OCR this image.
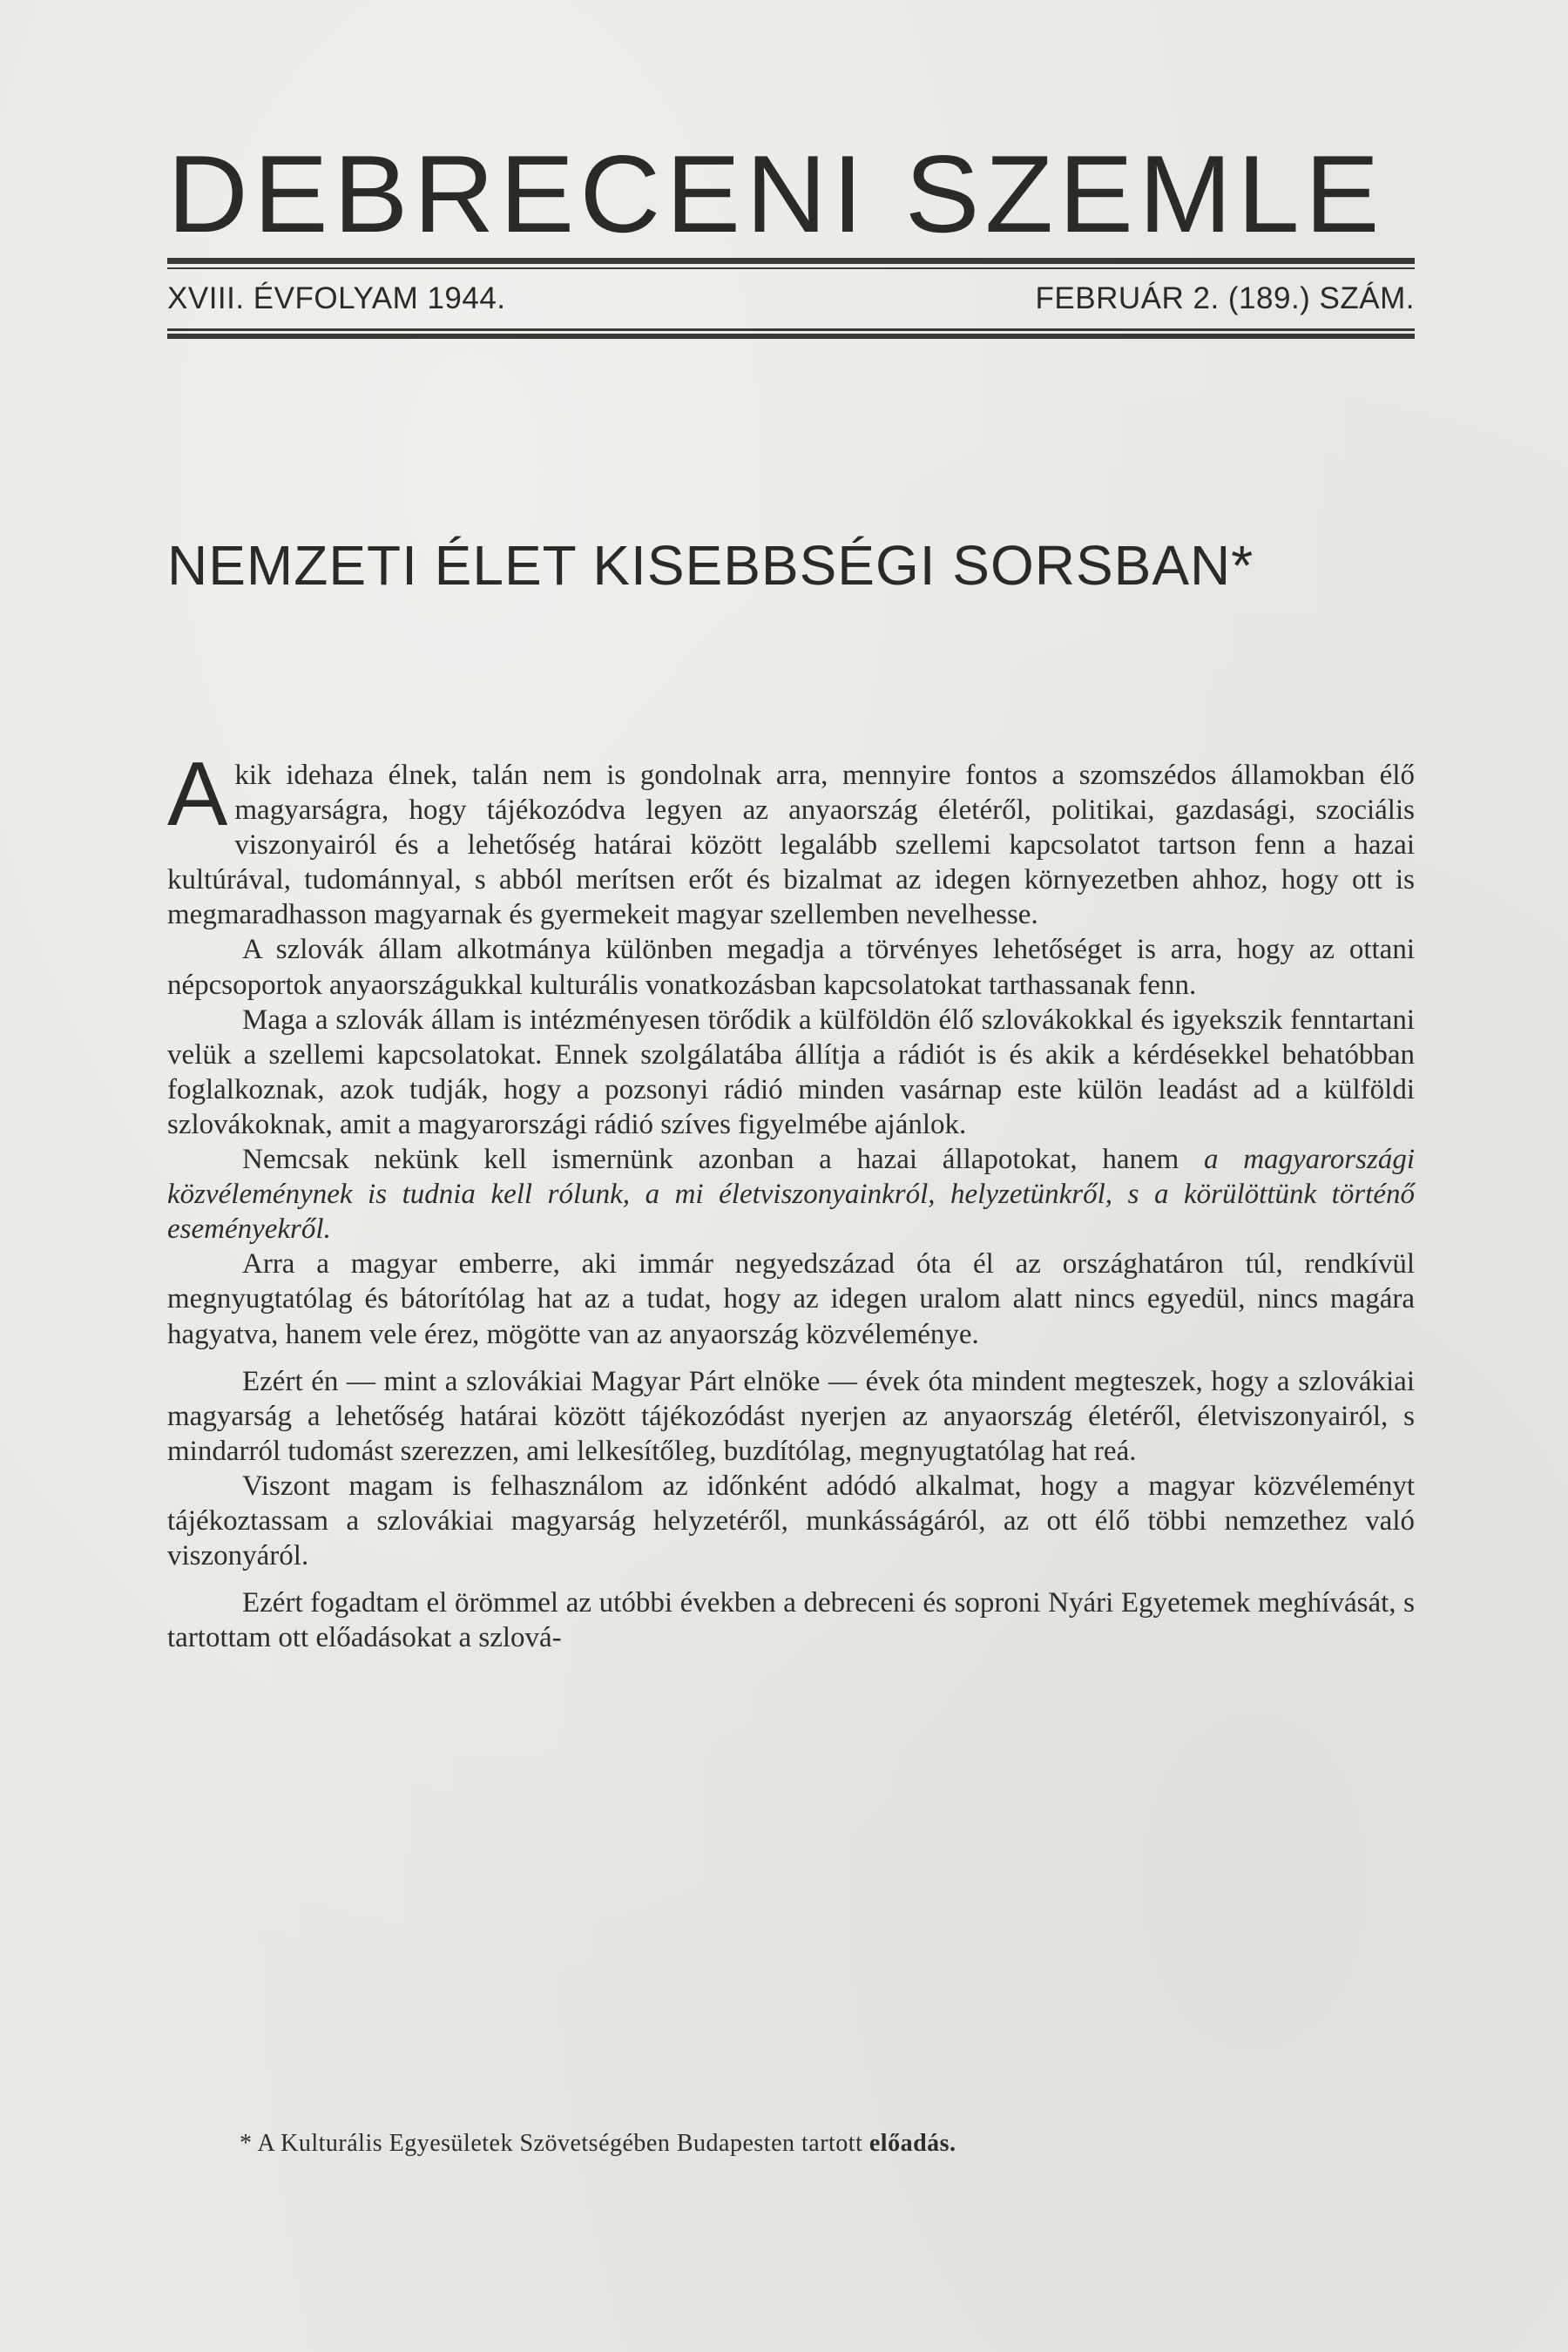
DEBRECENI SZEMLE
XVIII. ÉVFOLYAM 1944.	FEBRUÁR 2. (189.) SZÁM.
NEMZETI ÉLET KISEBBSÉGI SORSBAN*

Akik idehaza élnek, talán nem is gondolnak arra, mennyire fontos a szomszédos államokban élő magyarságra, hogy tájékozódva legyen az anyaország életéről, politikai, gazdasági, szociális viszonyairól és a lehetőség határai között legalább szellemi kapcsolatot tartson fenn a hazai kultúrával, tudománnyal, s abból merítsen erőt és bizalmat az idegen környezetben ahhoz, hogy ott is megmaradhasson magyarnak és gyermekeit magyar szellemben nevelhesse.

A szlovák állam alkotmánya különben megadja a törvényes lehetőséget is arra, hogy az ottani népcsoportok anyaországukkal kulturális vonatkozásban kapcsolatokat tarthassanak fenn.

Maga a szlovák állam is intézményesen törődik a külföldön élő szlovákokkal és igyekszik fenntartani velük a szellemi kapcsolatokat. Ennek szolgálatába állítja a rádiót is és akik a kérdésekkel behatóbban foglalkoznak, azok tudják, hogy a pozsonyi rádió minden vasárnap este külön leadást ad a külföldi szlovákoknak, amit a magyarországi rádió szíves figyelmébe ajánlok.

Nemcsak nekünk kell ismernünk azonban a hazai állapotokat, hanem a magyarországi közvéleménynek is tudnia kell rólunk, a mi életviszonyainkról, helyzetünkről, s a körülöttünk történő eseményekről.

Arra a magyar emberre, aki immár negyedszázad óta él az országhatáron túl, rendkívül megnyugtatólag és bátorítólag hat az a tudat, hogy az idegen uralom alatt nincs egyedül, nincs magára hagyatva, hanem vele érez, mögötte van az anyaország közvéleménye.

Ezért én — mint a szlovákiai Magyar Párt elnöke — évek óta mindent megteszek, hogy a szlovákiai magyarság a lehetőség határai között tájékozódást nyerjen az anyaország életéről, életviszonyairól, s mindarról tudomást szerezzen, ami lelkesítőleg, buzdítólag, megnyugtatólag hat reá.

Viszont magam is felhasználom az időnként adódó alkalmat, hogy a magyar közvéleményt tájékoztassam a szlovákiai magyarság helyzetéről, munkásságáról, az ott élő többi nemzethez való viszonyáról.

Ezért fogadtam el örömmel az utóbbi években a debreceni és soproni Nyári Egyetemek meghívását, s tartottam ott előadásokat a szlová-

* A Kulturális Egyesületek Szövetségében Budapesten tartott előadás.
